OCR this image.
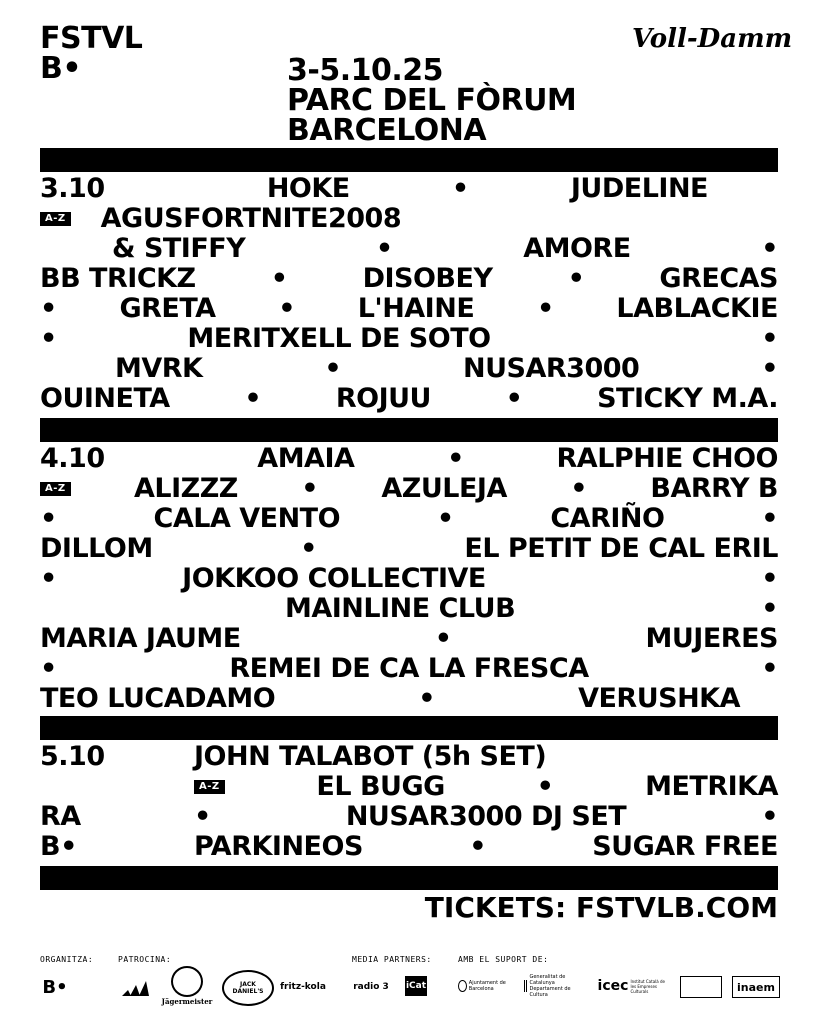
FSTVL
B•
Voll-Damm
3-5.10.25
PARC DEL FÒRUM
BARCELONA
3.10	HOKE	•	JUDELINE
A-Z AGUSFORTNITE2008
& STIFFY	•	AMORE	•
BB TRICKZ	•	DISOBEY	•	GRECAS
• GRETA • L'HAINE • LABLACKIE
•	MERITXELL DE SOTO	•
MVRK	•	NUSAR3000	•
OUINETA	•	ROJUU	•	STICKY M.A.
4.10	AMAIA	•	RALPHIE CHOO
A-Z	ALIZZZ • AZULEJA • BARRY B
•	CALA VENTO	•	CARIÑO	•
DILLOM	•	EL PETIT DE CAL ERIL
•	JOKKOO COLLECTIVE	•
MAINLINE CLUB	•
MARIA JAUME	•	MUJERES
•	REMEI DE CA LA FRESCA	•
TEO LUCADAMO	•	VERUSHKA
5.10	JOHN TALABOT (5h SET)
A-Z	EL BUGG	•	METRIKA
RA	•	NUSAR3000 DJ SET	•
B•	PARKINEOS	•	SUGAR FREE
TICKETS: FSTVLB.COM
ORGANITZA:	PATROCINA:	MEDIA PARTNERS:	AMB EL SUPORT DE:
B•
Jägermeister
JACK DANIEL'S	fritz-kola	radio 3 iCat	Ajuntament de Barcelona
Generalitat de Catalunya Departament de Cultura
icec Institut Català de les Empreses Culturals	inaem
